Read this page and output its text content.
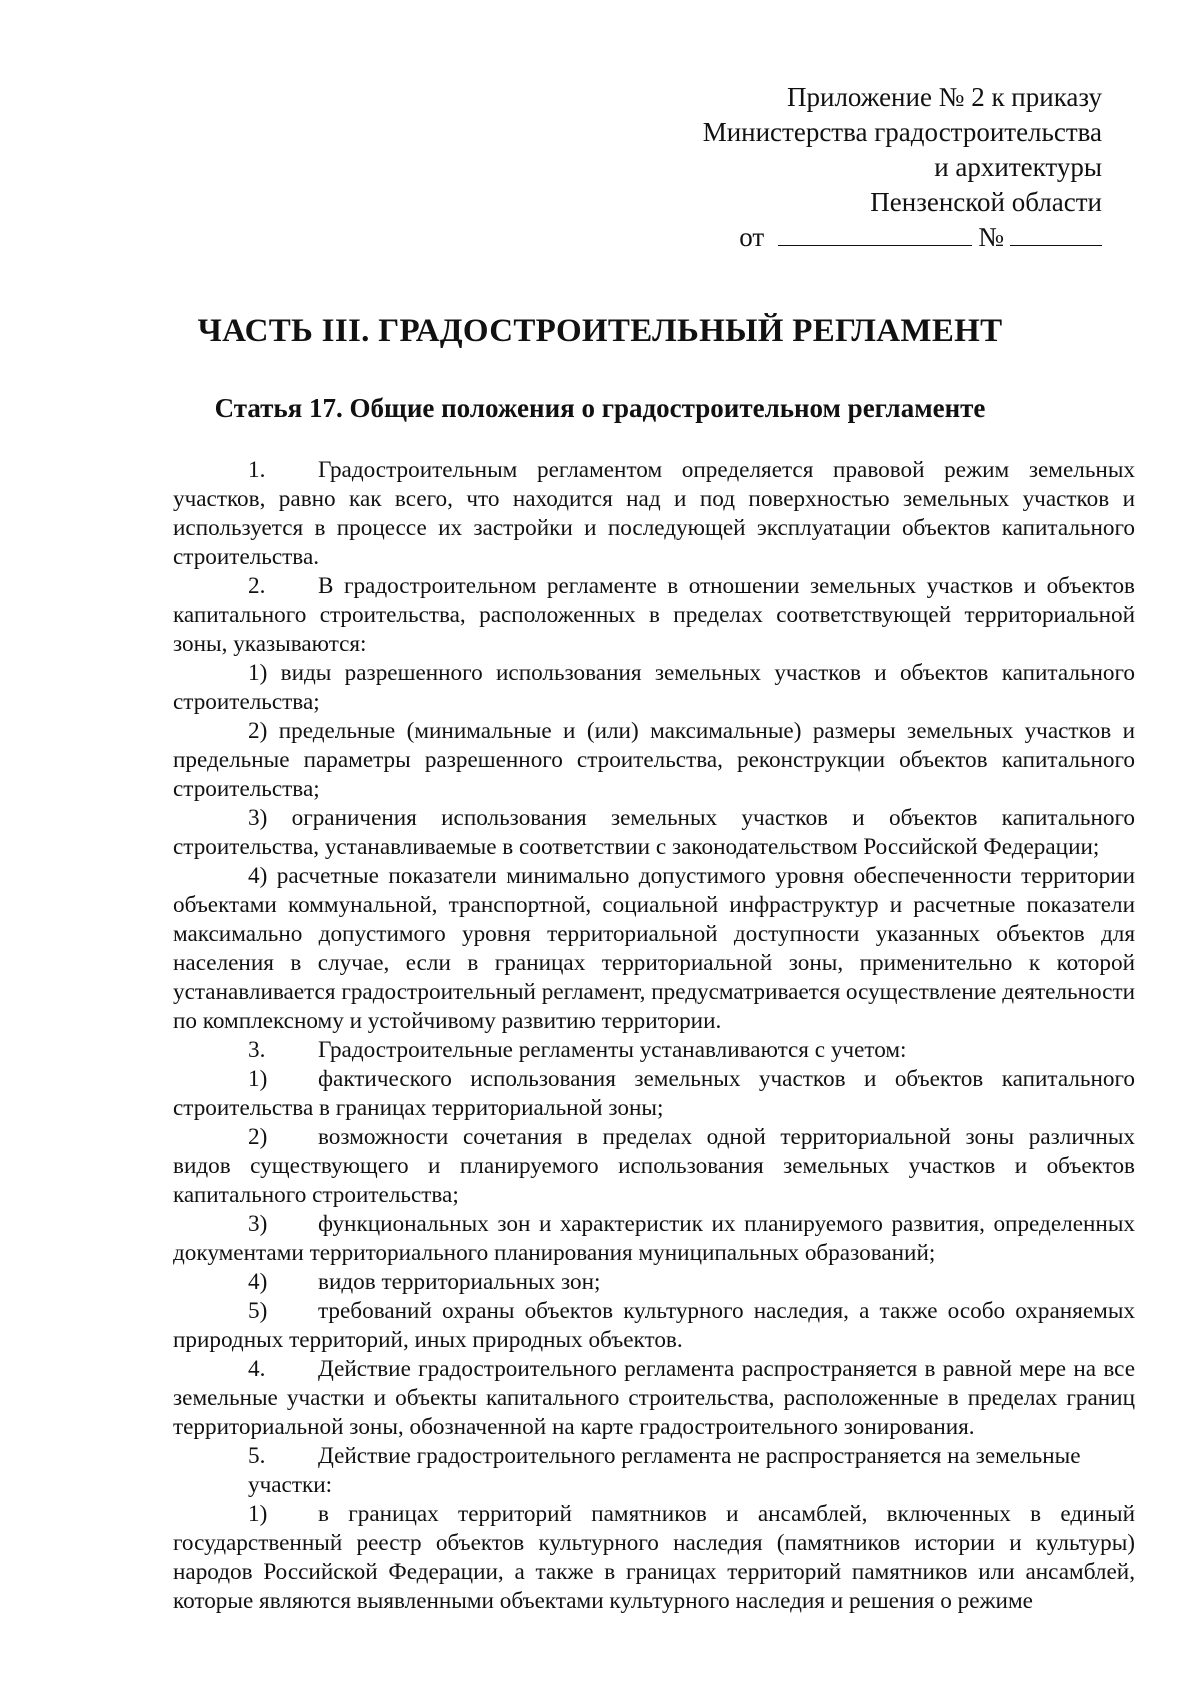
Приложение № 2 к приказу
Министерства градостроительства
и архитектуры
Пензенской области
от	№
ЧАСТЬ III. ГРАДОСТРОИТЕЛЬНЫЙ РЕГЛАМЕНТ
Статья 17. Общие положения о градостроительном регламенте

1. Градостроительным регламентом определяется правовой режим земельных участков, равно как всего, что находится над и под поверхностью земельных участков и используется в процессе их застройки и последующей эксплуатации объектов капитального строительства.

2. В градостроительном регламенте в отношении земельных участков и объектов капитального строительства, расположенных в пределах соответствующей территориальной зоны, указываются:

1) виды разрешенного использования земельных участков и объектов капитального строительства;

2) предельные (минимальные и (или) максимальные) размеры земельных участков и предельные параметры разрешенного строительства, реконструкции объектов капитального строительства;

3) ограничения использования земельных участков и объектов капитального строительства, устанавливаемые в соответствии с законодательством Российской Федерации;

4) расчетные показатели минимально допустимого уровня обеспеченности территории объектами коммунальной, транспортной, социальной инфраструктур и расчетные показатели максимально допустимого уровня территориальной доступности указанных объектов для населения в случае, если в границах территориальной зоны, применительно к которой устанавливается градостроительный регламент, предусматривается осуществление деятельности по комплексному и устойчивому развитию территории.

3. Градостроительные регламенты устанавливаются с учетом:

1) фактического использования земельных участков и объектов капитального строительства в границах территориальной зоны;

2) возможности сочетания в пределах одной территориальной зоны различных видов существующего и планируемого использования земельных участков и объектов капитального строительства;

3) функциональных зон и характеристик их планируемого развития, определенных документами территориального планирования муниципальных образований;

4) видов территориальных зон;

5) требований охраны объектов культурного наследия, а также особо охраняемых природных территорий, иных природных объектов.

4. Действие градостроительного регламента распространяется в равной мере на все земельные участки и объекты капитального строительства, расположенные в пределах границ территориальной зоны, обозначенной на карте градостроительного зонирования.

5. Действие градостроительного регламента не распространяется на земельные

участки:

1) в границах территорий памятников и ансамблей, включенных в единый государственный реестр объектов культурного наследия (памятников истории и культуры) народов Российской Федерации, а также в границах территорий памятников или ансамблей, которые являются выявленными объектами культурного наследия и решения о режиме
